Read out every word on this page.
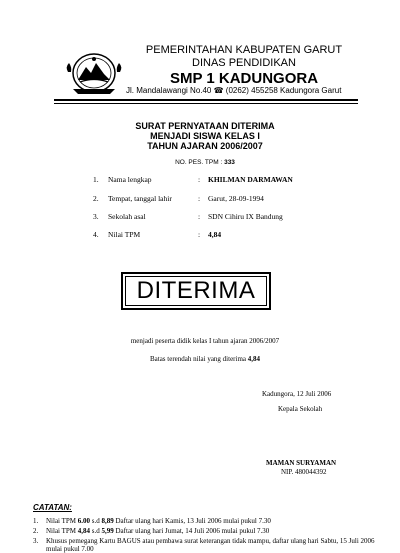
PEMERINTAHAN KABUPATEN GARUT
DINAS PENDIDIKAN
SMP 1 KADUNGORA
Jl. Mandalawangi No.40 ☎ (0262) 455258 Kadungora Garut
SURAT PERNYATAAN DITERIMA
MENJADI SISWA KELAS I
TAHUN AJARAN 2006/2007
NO. PES. TPM : 333
1. Nama lengkap	: KHILMAN DARMAWAN
2. Tempat, tanggal lahir	: Garut, 28-09-1994
3. Sekolah asal	: SDN Cihiru IX Bandung
4. Nilai TPM	: 4,84
DITERIMA
menjadi peserta didik kelas I tahun ajaran 2006/2007
Batas terendah nilai yang diterima 4,84
Kadungora, 12 Juli 2006
Kepala Sekolah
MAMAN SURYAMAN
NIP. 480044392
CATATAN:
1. Nilai TPM 6.00 s.d 8,89 Daftar ulang hari Kamis, 13 Juli 2006 mulai pukul 7.30
2. Nilai TPM 4,84 s.d 5,99 Daftar ulang hari Jumat, 14 Juli 2006 mulai pukul 7.30
3. Khusus pemegang Kartu BAGUS atau pembawa surat keterangan tidak mampu, daftar ulang hari Sabtu, 15 Juli 2006 mulai pukul 7.00
